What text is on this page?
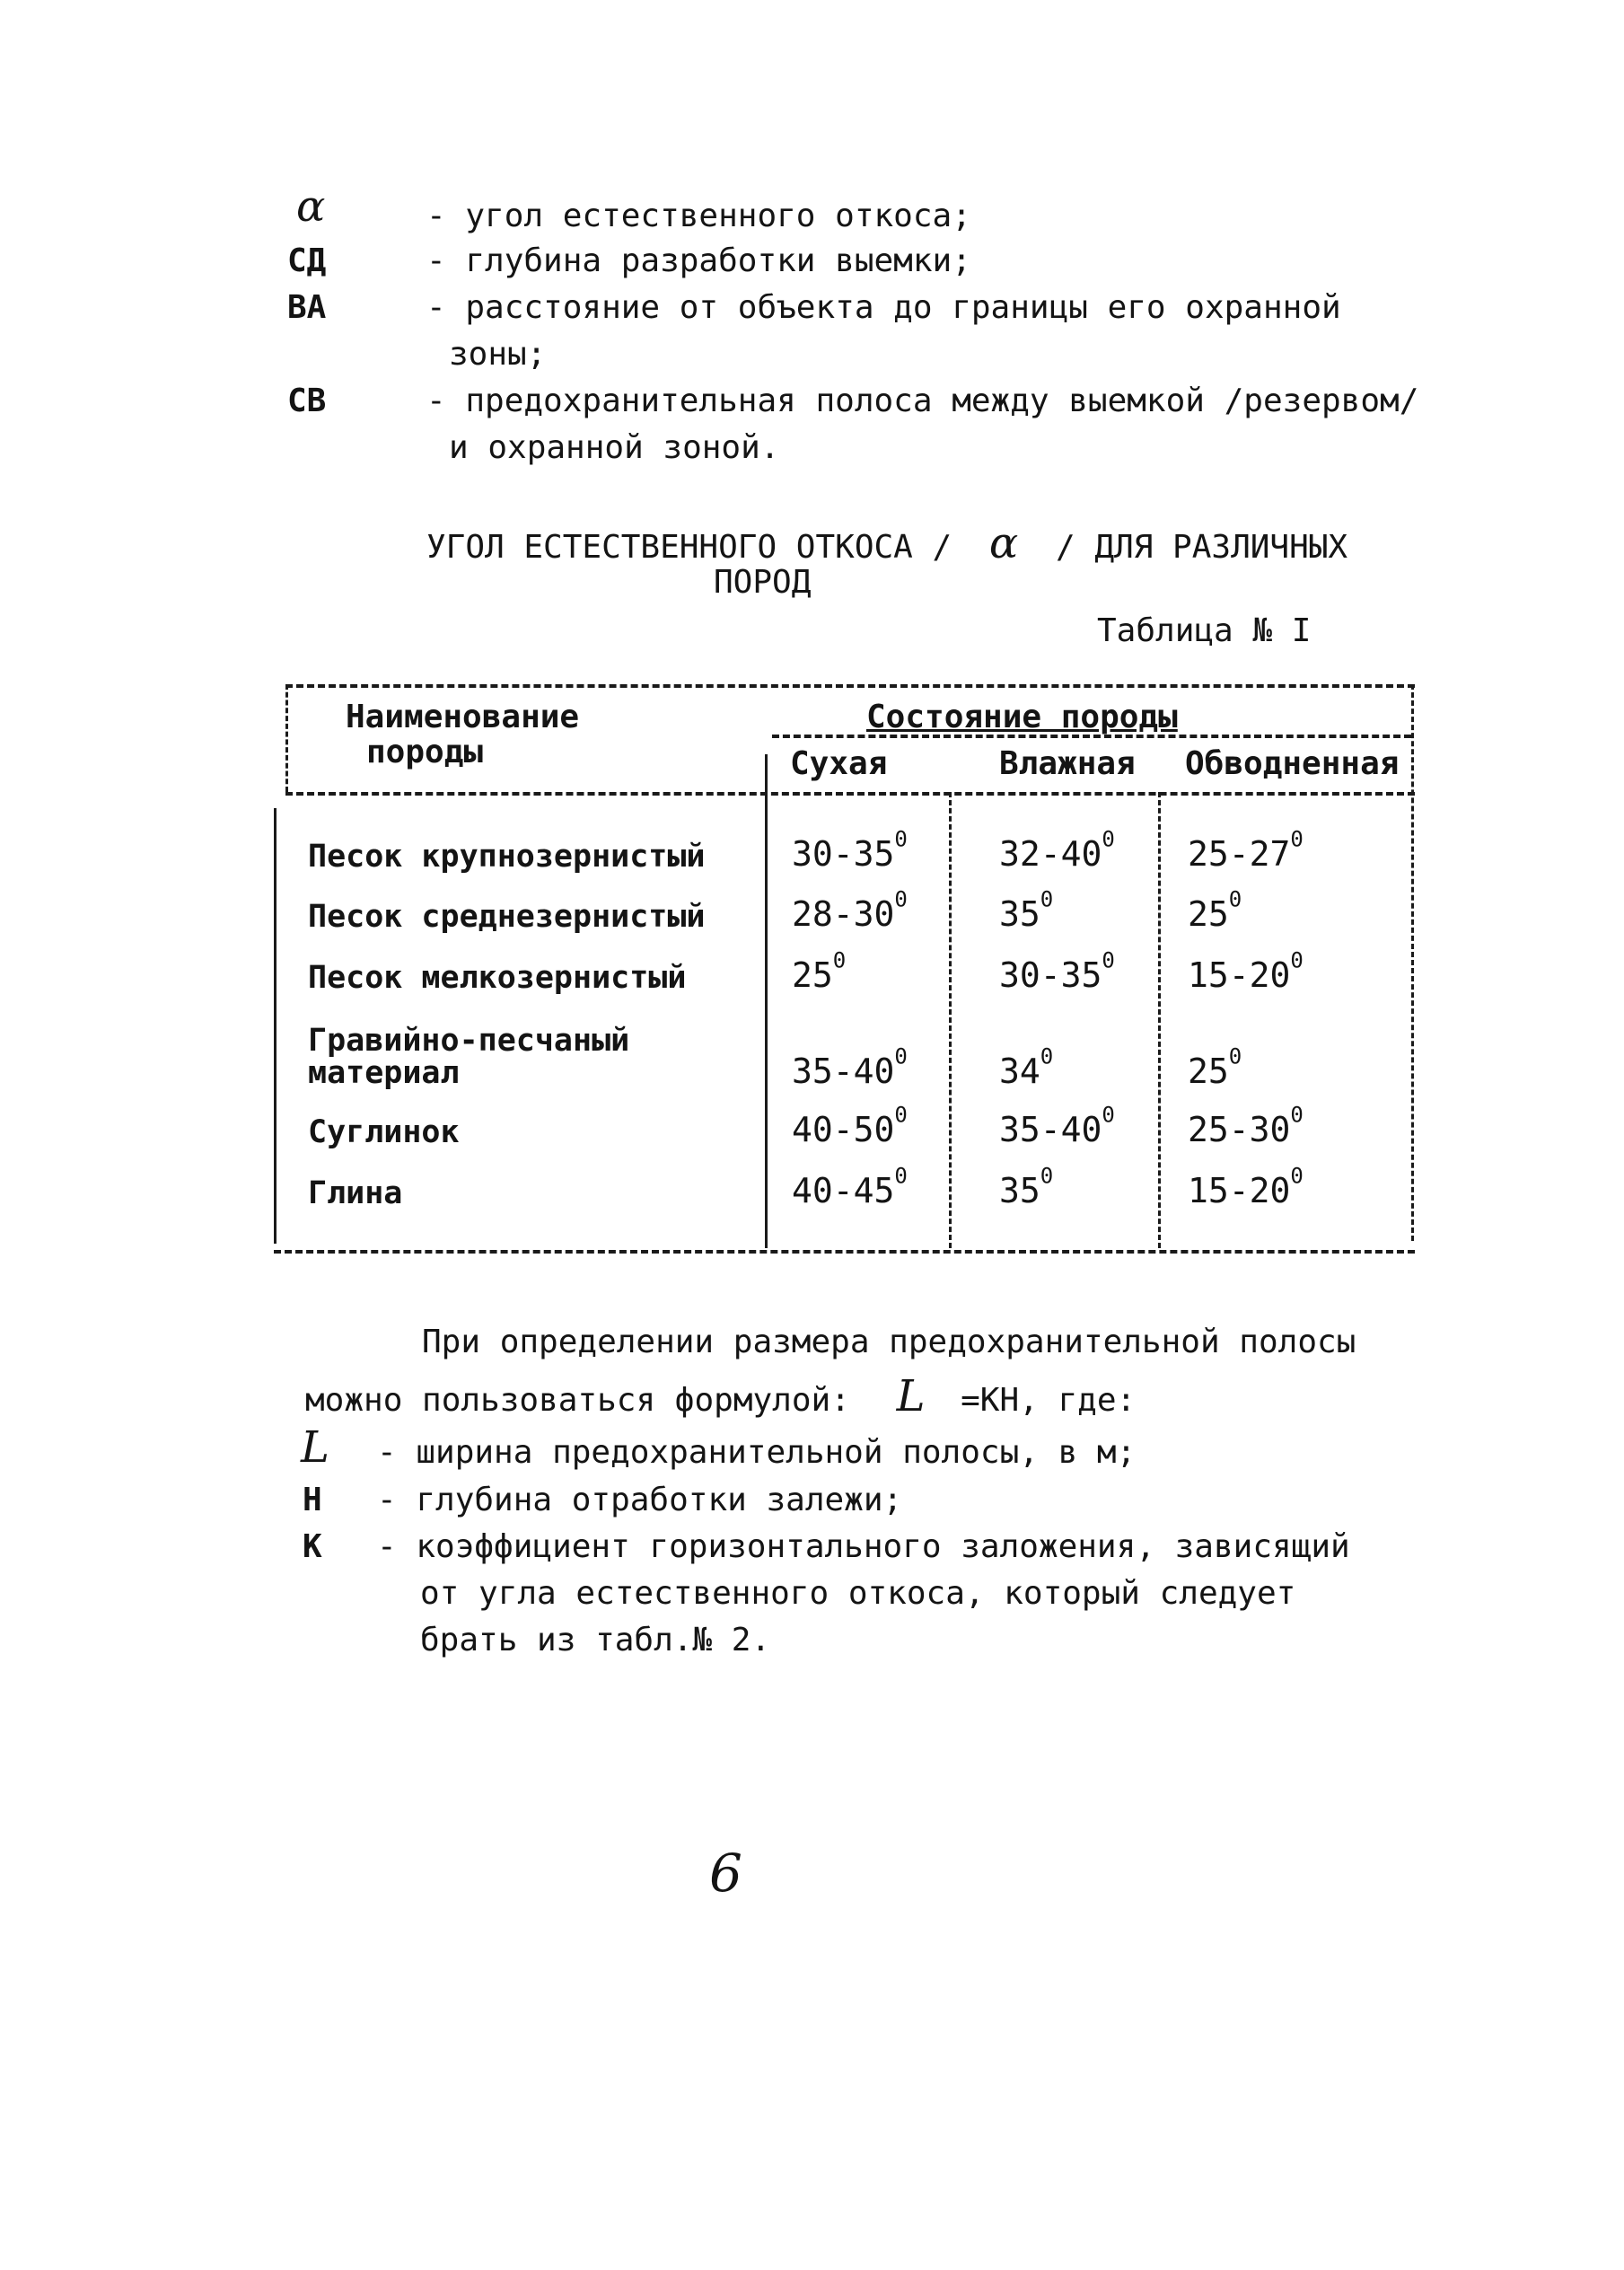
α	- угол естественного откоса;
СД	- глубина разработки выемки;
ВА	- расстояние от объекта до границы его охранной
зоны;
СВ	- предохранительная полоса между выемкой /резервом/
и охранной зоной.
УГОЛ ЕСТЕСТВЕННОГО ОТКОСА / α / ДЛЯ РАЗЛИЧНЫХ
ПОРОД
Таблица № I
Наименование
породы
Состояние породы
Сухая	Влажная Обводненная
Песок крупнозернистый	$30-35^0$	$32-40^0$ $25-27^0$
Песок среднезернистый	$28-30^0$	$35^0$	$25^0$
Песок мелкозернистый	$25^0$	$30-35^0$ $15-20^0$
Гравийно-песчаный
материал	$35-40^0$	$34^0$	$25^0$
Суглинок	$40-50^0$	$35-40^0$ $25-30^0$
Глина	$40-45^0$	$35^0$	$15-20^0$
При определении размера предохранительной полосы
можно пользоваться формулой: L =КН, где:
L - ширина предохранительной полосы, в м;
Н - глубина отработки залежи;
К - коэффициент горизонтального заложения, зависящий
от угла естественного откоса, который следует
брать из табл.№ 2.
6
